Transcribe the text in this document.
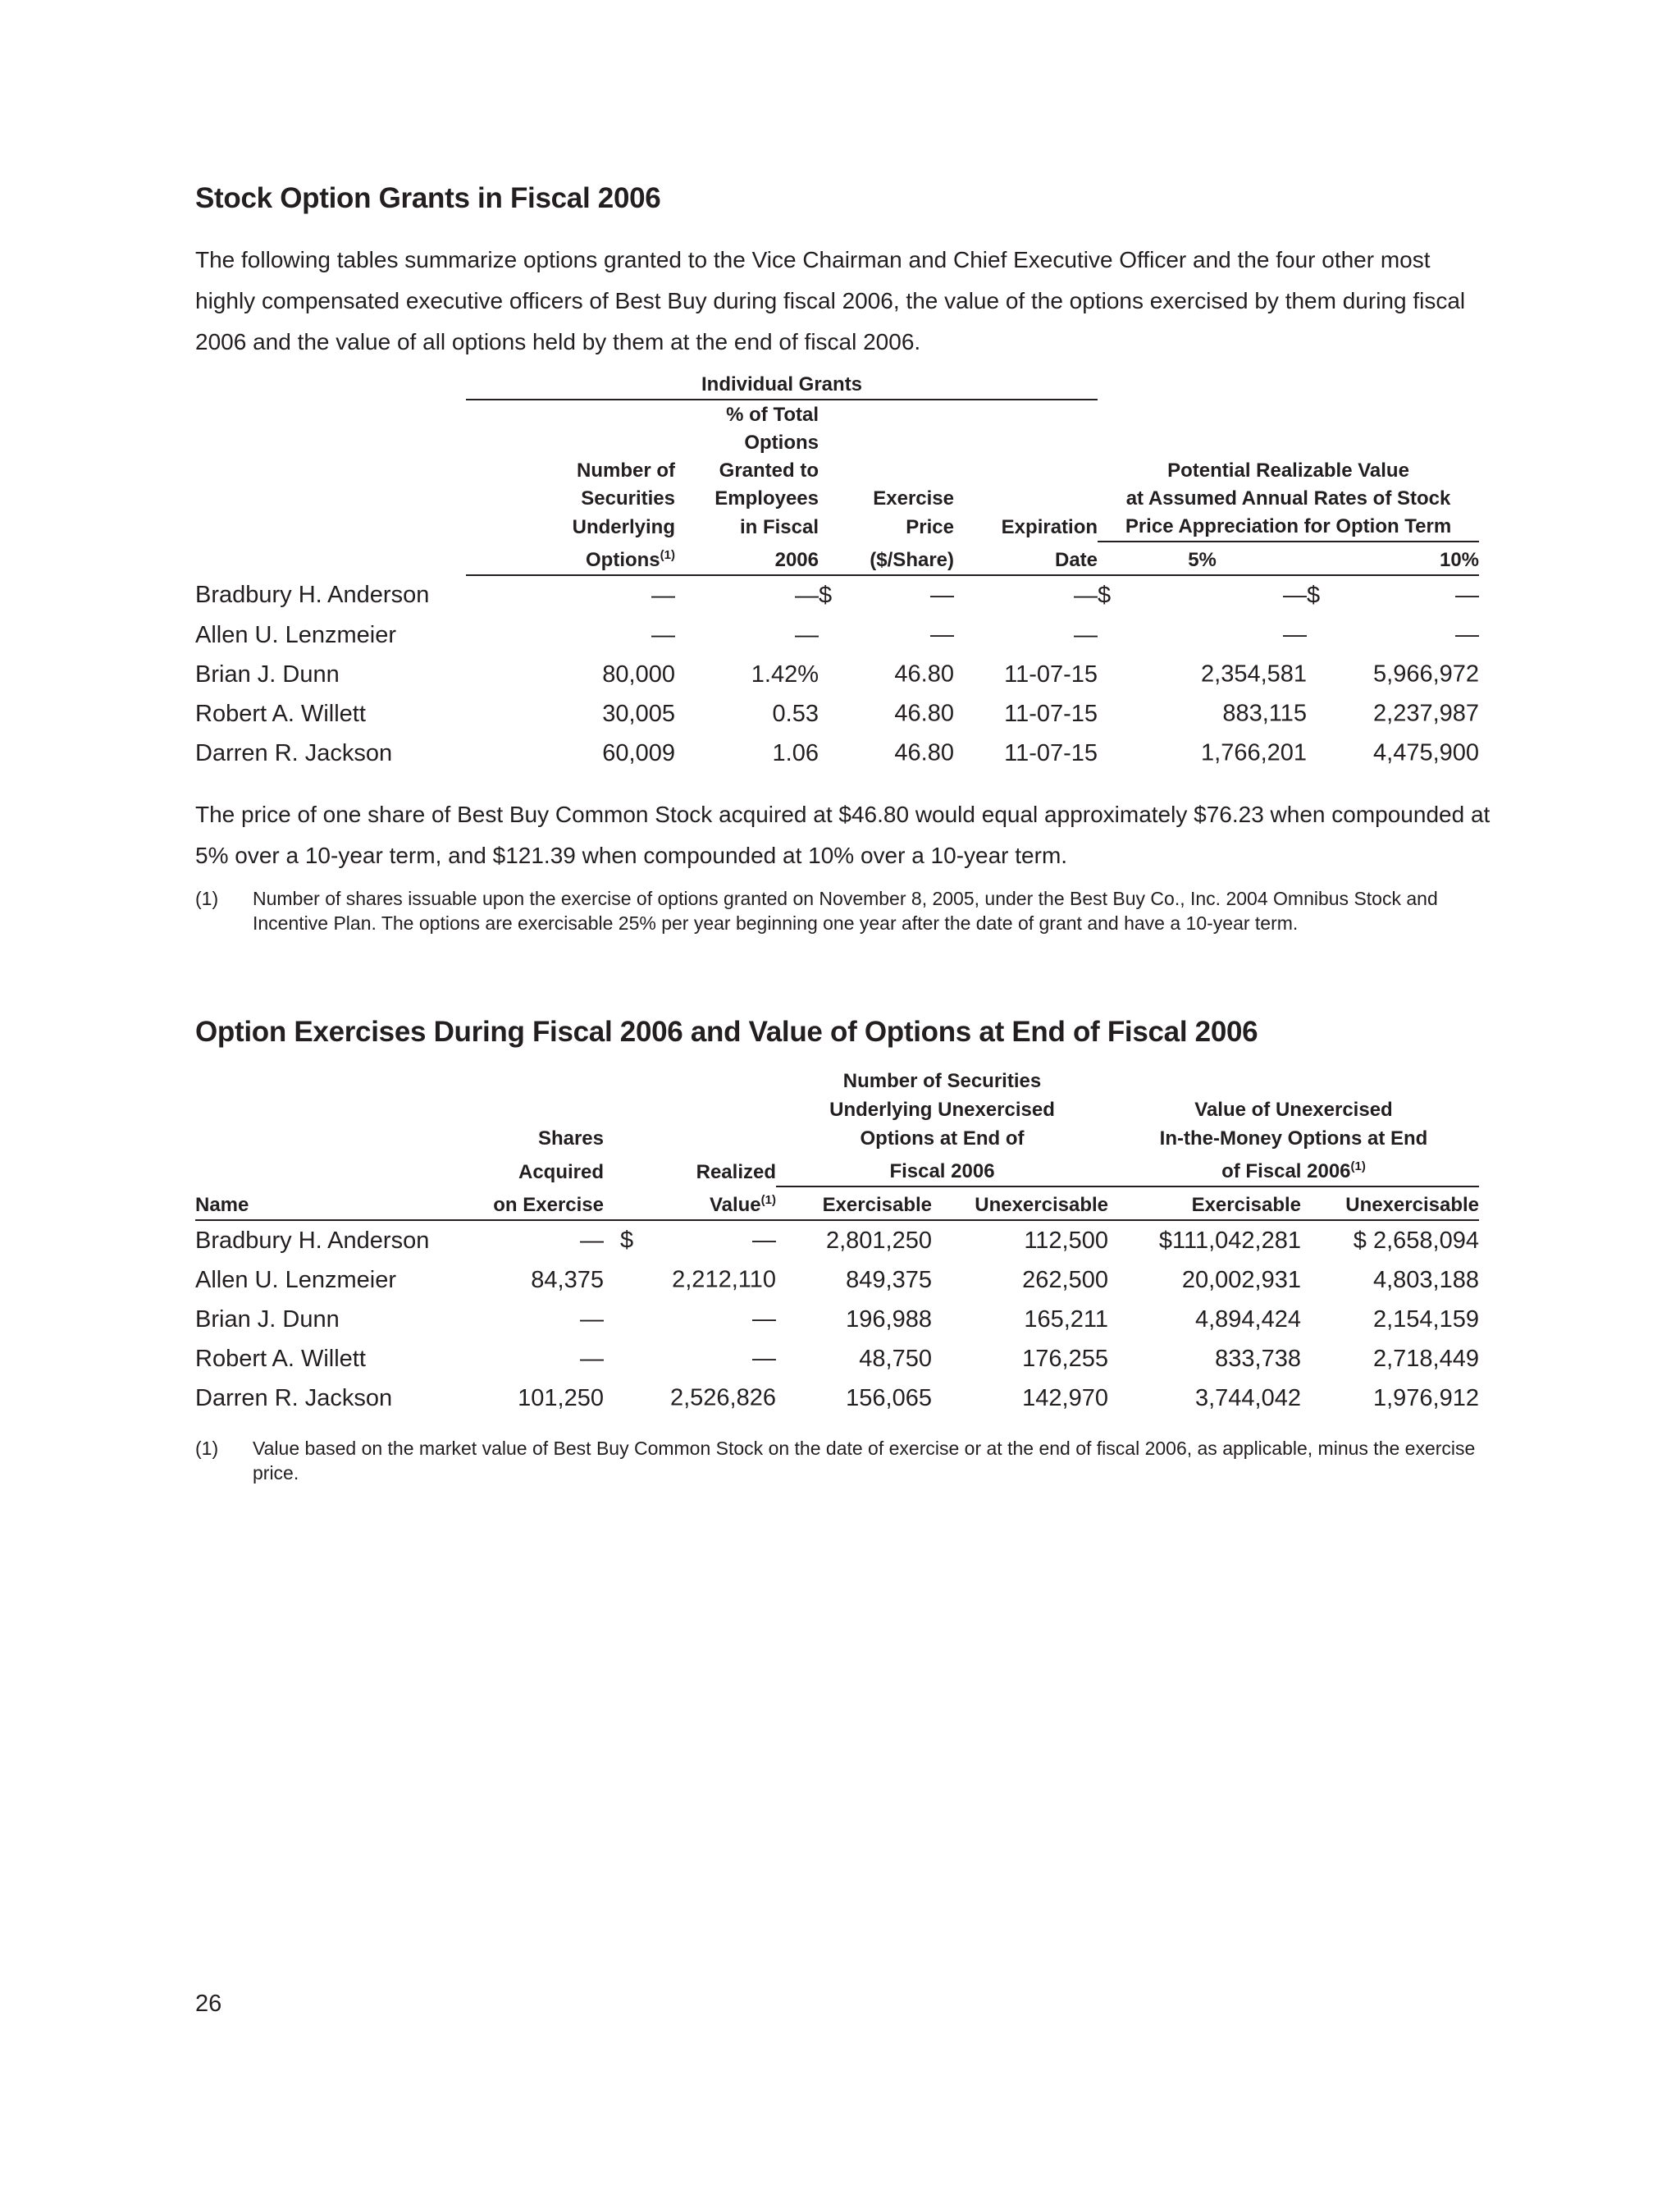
Stock Option Grants in Fiscal 2006
The following tables summarize options granted to the Vice Chairman and Chief Executive Officer and the four other most highly compensated executive officers of Best Buy during fiscal 2006, the value of the options exercised by them during fiscal 2006 and the value of all options held by them at the end of fiscal 2006.
	Individual Grants					
		% of Total				
		Options				
	Number of	Granted to			Potential Realizable Value	
	Securities	Employees	Exercise		at Assumed Annual Rates of Stock	
	Underlying	in Fiscal	Price	Expiration	Price Appreciation for Option Term	
	Options$^{(1)}$	2006	($/Share)	Date	5%	10%
Bradbury H. Anderson	—	—	$ —	—	$ —	$ —

Allen U. Lenzmeier	—	—	—	—	—	—

Brian J. Dunn	80,000	1.42%	46.80	11-07-15	2,354,581	5,966,972

Robert A. Willett	30,005	0.53	46.80	11-07-15	883,115	2,237,987

Darren R. Jackson	60,009	1.06	46.80	11-07-15	1,766,201	4,475,900
The price of one share of Best Buy Common Stock acquired at $46.80 would equal approximately $76.23 when compounded at 5% over a 10-year term, and $121.39 when compounded at 10% over a 10-year term.
(1) Number of shares issuable upon the exercise of options granted on November 8, 2005, under the Best Buy Co., Inc. 2004 Omnibus Stock and Incentive Plan. The options are exercisable 25% per year beginning one year after the date of grant and have a 10-year term.
Option Exercises During Fiscal 2006 and Value of Options at End of Fiscal 2006
			Number of Securities			
			Underlying Unexercised		Value of Unexercised	
	Shares		Options at End of		In-the-Money Options at End	
	Acquired	Realized	Fiscal 2006		of Fiscal 2006$^{(1)}$
Name	on Exercise	Value$^{(1)}$	Exercisable	Unexercisable	Exercisable	Unexercisable
Bradbury H. Anderson	—	$ —	2,801,250	112,500	$111,042,281	$ 2,658,094
Allen U. Lenzmeier	84,375	2,212,110	849,375	262,500	20,002,931	4,803,188
Brian J. Dunn	—	—	196,988	165,211	4,894,424	2,154,159
Robert A. Willett	—	—	48,750	176,255	833,738	2,718,449
Darren R. Jackson	101,250	2,526,826	156,065	142,970	3,744,042	1,976,912
(1) Value based on the market value of Best Buy Common Stock on the date of exercise or at the end of fiscal 2006, as applicable, minus the exercise price.
26
